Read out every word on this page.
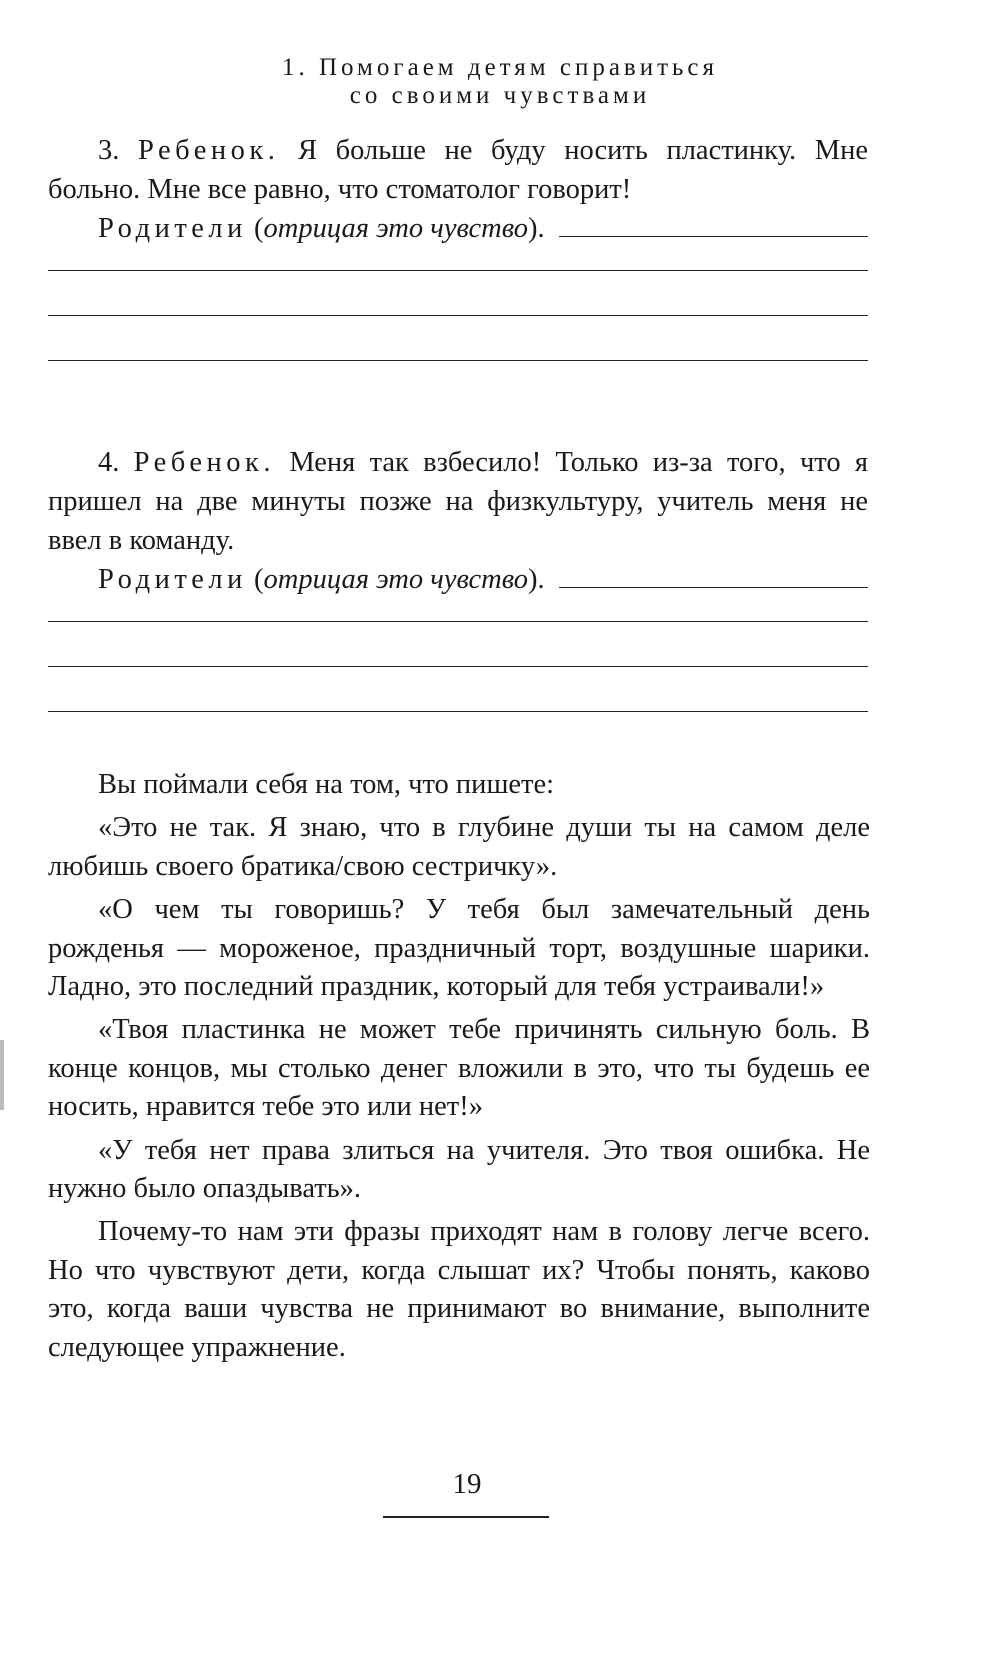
1. Помогаем детям справиться
со своими чувствами

3. Ребенок. Я больше не буду носить пластинку. Мне больно. Мне все равно, что стоматолог говорит!

Родители ( отрицая это чувство ).

4. Ребенок. Меня так взбесило! Только из-за того, что я пришел на две минуты позже на физкультуру, учитель меня не ввел в команду.

Родители ( отрицая это чувство ).

Вы поймали себя на том, что пишете:

«Это не так. Я знаю, что в глубине души ты на самом деле любишь своего братика/свою сестричку».

«О чем ты говоришь? У тебя был замечательный день рожденья — мороженое, праздничный торт, воздушные шарики. Ладно, это последний праздник, который для тебя устраивали!»

«Твоя пластинка не может тебе причинять сильную боль. В конце концов, мы столько денег вложили в это, что ты будешь ее носить, нравится тебе это или нет!»

«У тебя нет права злиться на учителя. Это твоя ошибка. Не нужно было опаздывать».

Почему-то нам эти фразы приходят нам в голову легче всего. Но что чувствуют дети, когда слышат их? Чтобы понять, каково это, когда ваши чувства не принимают во внимание, выполните следующее упражнение.

19
